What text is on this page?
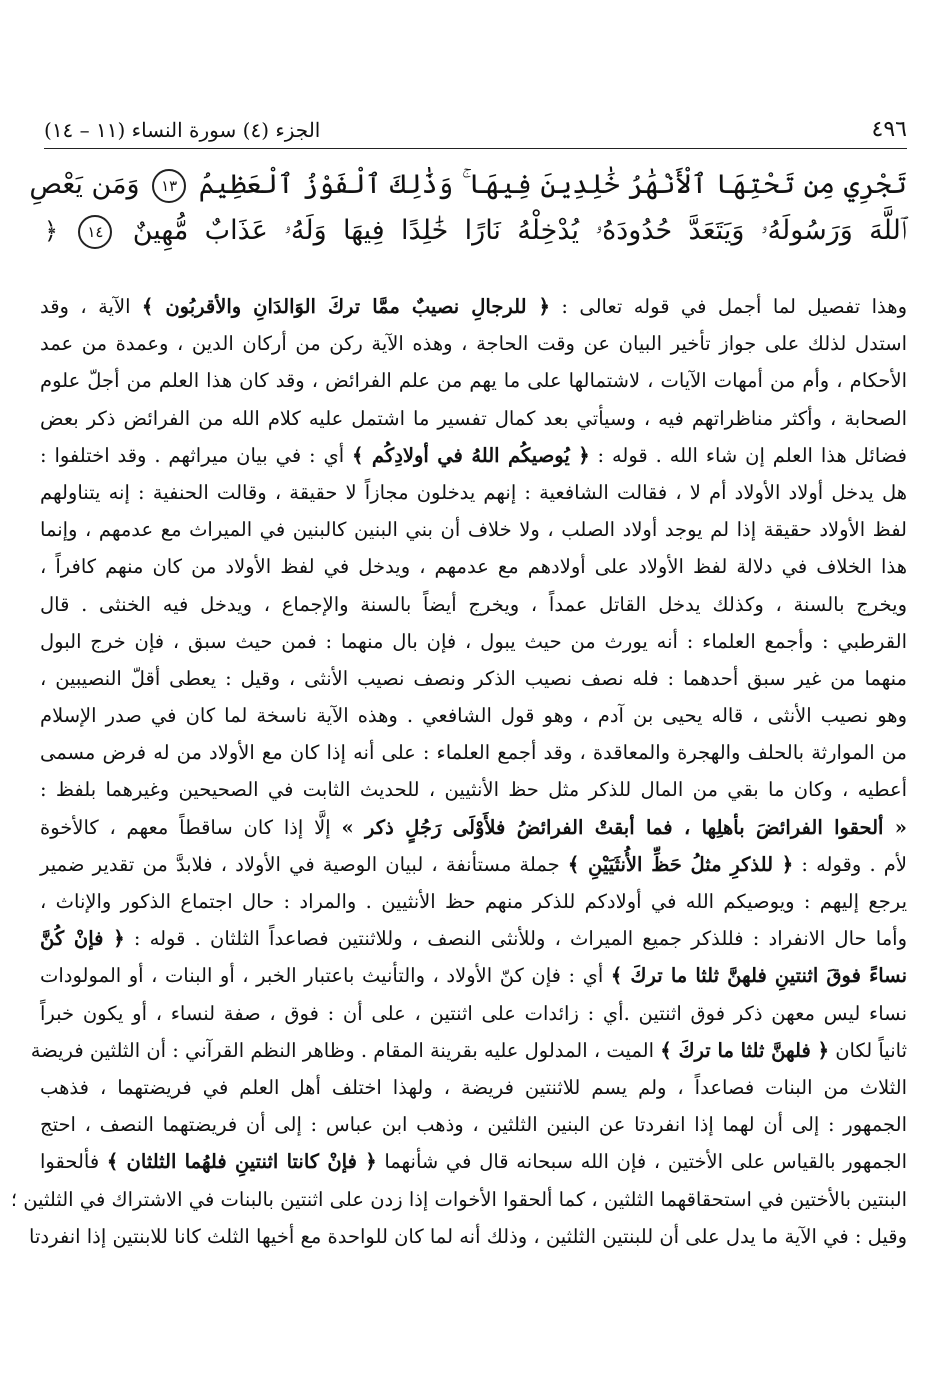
٤٩٦
الجزء (٤) سورة النساء (١١ – ١٤)
تَجْرِي مِن تَحْتِهَا ٱلْأَنْهَٰرُ خَٰلِدِينَ فِيهَا ۚ وَذَٰلِكَ ٱلْفَوْزُ ٱلْعَظِيمُ ١٣ وَمَن يَعْصِ
ٱللَّهَ وَرَسُولَهُۥ وَيَتَعَدَّ حُدُودَهُۥ يُدْخِلْهُ نَارًا خَٰلِدًا فِيهَا وَلَهُۥ عَذَابٌ مُّهِينٌ ١٤ ﴿
وهذا تفصيل لما أجمل في قوله تعالى : ﴿ للرجالِ نصيبٌ ممَّا تركَ الوَالدَانِ والأقربُون ﴾ الآية ، وقد
استدل لذلك على جواز تأخير البيان عن وقت الحاجة ، وهذه الآية ركن من أركان الدين ، وعمدة من عمد
الأحكام ، وأم من أمهات الآيات ، لاشتمالها على ما يهم من علم الفرائض ، وقد كان هذا العلم من أجلّ علوم
الصحابة ، وأكثر مناظراتهم فيه ، وسيأتي بعد كمال تفسير ما اشتمل عليه كلام الله من الفرائض ذكر بعض
فضائل هذا العلم إن شاء الله . قوله : ﴿ يُوصيكُم اللهُ في أولادِكُم ﴾ أي : في بيان ميراثهم . وقد اختلفوا :
هل يدخل أولاد الأولاد أم لا ، فقالت الشافعية : إنهم يدخلون مجازاً لا حقيقة ، وقالت الحنفية : إنه يتناولهم
لفظ الأولاد حقيقة إذا لم يوجد أولاد الصلب ، ولا خلاف أن بني البنين كالبنين في الميراث مع عدمهم ، وإنما
هذا الخلاف في دلالة لفظ الأولاد على أولادهم مع عدمهم ، ويدخل في لفظ الأولاد من كان منهم كافراً ،
ويخرج بالسنة ، وكذلك يدخل القاتل عمداً ، ويخرج أيضاً بالسنة والإجماع ، ويدخل فيه الخنثى . قال
القرطبي : وأجمع العلماء : أنه يورث من حيث يبول ، فإن بال منهما : فمن حيث سبق ، فإن خرج البول
منهما من غير سبق أحدهما : فله نصف نصيب الذكر ونصف نصيب الأنثى ، وقيل : يعطى أقلّ النصيبين ،
وهو نصيب الأنثى ، قاله يحيى بن آدم ، وهو قول الشافعي . وهذه الآية ناسخة لما كان في صدر الإسلام
من الموارثة بالحلف والهجرة والمعاقدة ، وقد أجمع العلماء : على أنه إذا كان مع الأولاد من له فرض مسمى
أعطيه ، وكان ما بقي من المال للذكر مثل حظ الأنثيين ، للحديث الثابت في الصحيحين وغيرهما بلفظ :
« ألحقوا الفرائضَ بأهلِها ، فما أبقتْ الفرائضُ فلأَوْلَى رَجُلٍ ذكر » إلَّا إذا كان ساقطاً معهم ، كالأخوة
لأم . وقوله : ﴿ للذكرِ مثلُ حَظِّ الأُنثَيَيْنِ ﴾ جملة مستأنفة ، لبيان الوصية في الأولاد ، فلابدَّ من تقدير ضمير
يرجع إليهم : ويوصيكم الله في أولادكم للذكر منهم حظ الأنثيين . والمراد : حال اجتماع الذكور والإناث ،
وأما حال الانفراد : فللذكر جميع الميراث ، وللأنثى النصف ، وللاثنتين فصاعداً الثلثان . قوله : ﴿ فإنْ كُنَّ
نساءً فوقَ اثنتينِ فلهنَّ ثلثا ما تركَ ﴾ أي : فإن كنّ الأولاد ، والتأنيث باعتبار الخبر ، أو البنات ، أو المولودات
نساء ليس معهن ذكر فوق اثنتين .أي : زائدات على اثنتين ، على أن : فوق ، صفة لنساء ، أو يكون خبراً
ثانياً لكان ﴿ فلهنَّ ثلثا ما تركَ ﴾ الميت ، المدلول عليه بقرينة المقام . وظاهر النظم القرآني : أن الثلثين فريضة
الثلاث من البنات فصاعداً ، ولم يسم للاثنتين فريضة ، ولهذا اختلف أهل العلم في فريضتهما ، فذهب
الجمهور : إلى أن لهما إذا انفردتا عن البنين الثلثين ، وذهب ابن عباس : إلى أن فريضتهما النصف ، احتج
الجمهور بالقياس على الأختين ، فإن الله سبحانه قال في شأنهما ﴿ فإنْ كانتا اثنتينِ فلهُما الثلثان ﴾ فألحقوا
البنتين بالأختين في استحقاقهما الثلثين ، كما ألحقوا الأخوات إذا زدن على اثنتين بالبنات في الاشتراك في الثلثين ؛
وقيل : في الآية ما يدل على أن للبنتين الثلثين ، وذلك أنه لما كان للواحدة مع أخيها الثلث كانا للابنتين إذا انفردتا
